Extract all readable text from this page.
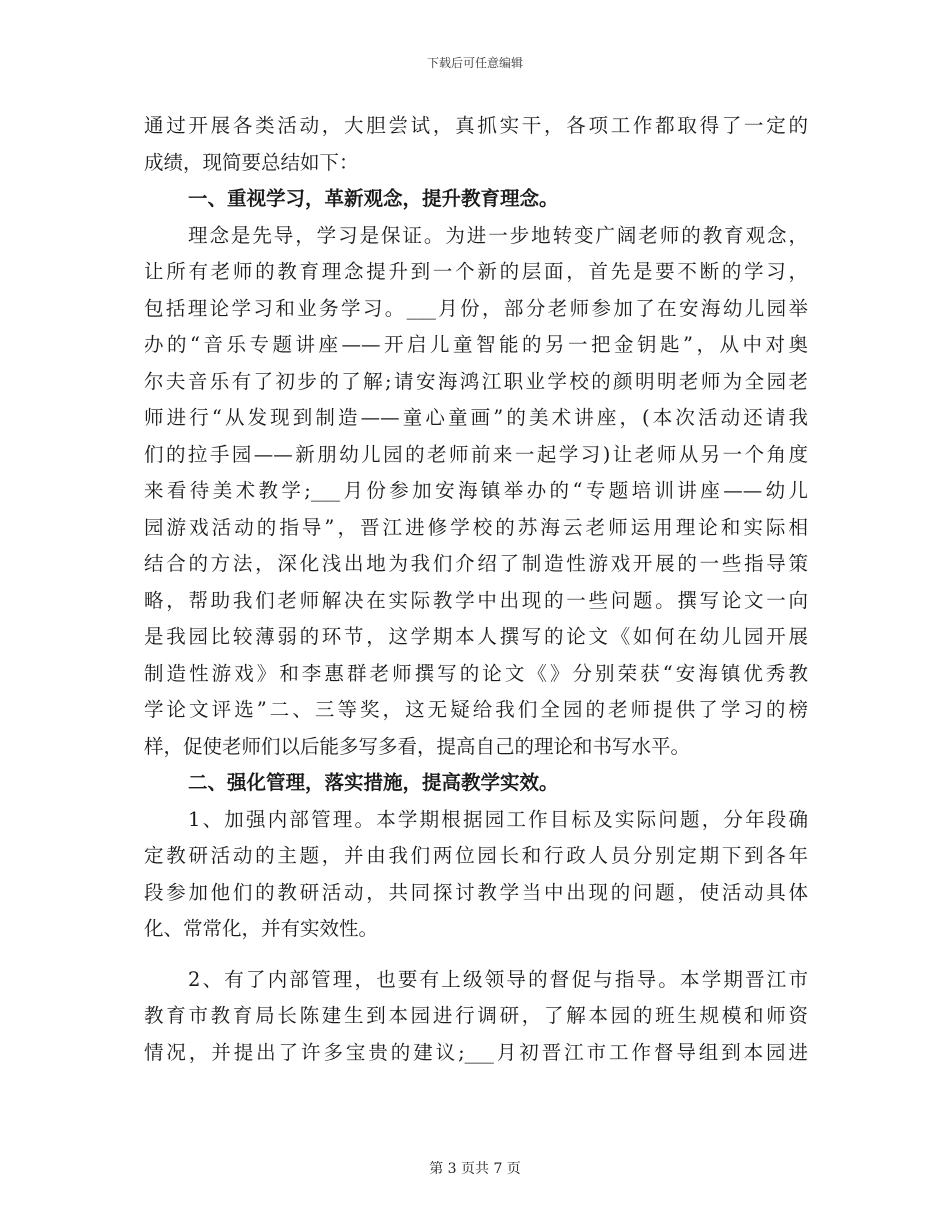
下载后可任意编辑
通过开展各类活动，大胆尝试，真抓实干，各项工作都取得了一定的
成绩，现简要总结如下：
一、重视学习，革新观念，提升教育理念。
理念是先导，学习是保证。为进一步地转变广阔老师的教育观念，
让所有老师的教育理念提升到一个新的层面，首先是要不断的学习，
包括理论学习和业务学习。___月份，部分老师参加了在安海幼儿园举
办的“音乐专题讲座——开启儿童智能的另一把金钥匙”，从中对奥
尔夫音乐有了初步的了解;请安海鸿江职业学校的颜明明老师为全园老
师进行“从发现到制造——童心童画”的美术讲座，(本次活动还请我
们的拉手园——新朋幼儿园的老师前来一起学习)让老师从另一个角度
来看待美术教学;___月份参加安海镇举办的“专题培训讲座——幼儿
园游戏活动的指导”，晋江进修学校的苏海云老师运用理论和实际相
结合的方法，深化浅出地为我们介绍了制造性游戏开展的一些指导策
略，帮助我们老师解决在实际教学中出现的一些问题。撰写论文一向
是我园比较薄弱的环节，这学期本人撰写的论文《如何在幼儿园开展
制造性游戏》和李惠群老师撰写的论文《》分别荣获“安海镇优秀教
学论文评选”二、三等奖，这无疑给我们全园的老师提供了学习的榜
样，促使老师们以后能多写多看，提高自己的理论和书写水平。
二、强化管理，落实措施，提高教学实效。
1、加强内部管理。本学期根据园工作目标及实际问题，分年段确
定教研活动的主题，并由我们两位园长和行政人员分别定期下到各年
段参加他们的教研活动，共同探讨教学当中出现的问题，使活动具体
化、常常化，并有实效性。
2、有了内部管理，也要有上级领导的督促与指导。本学期晋江市
教育市教育局长陈建生到本园进行调研，了解本园的班生规模和师资
情况，并提出了许多宝贵的建议;___月初晋江市工作督导组到本园进
第 3 页共 7 页
